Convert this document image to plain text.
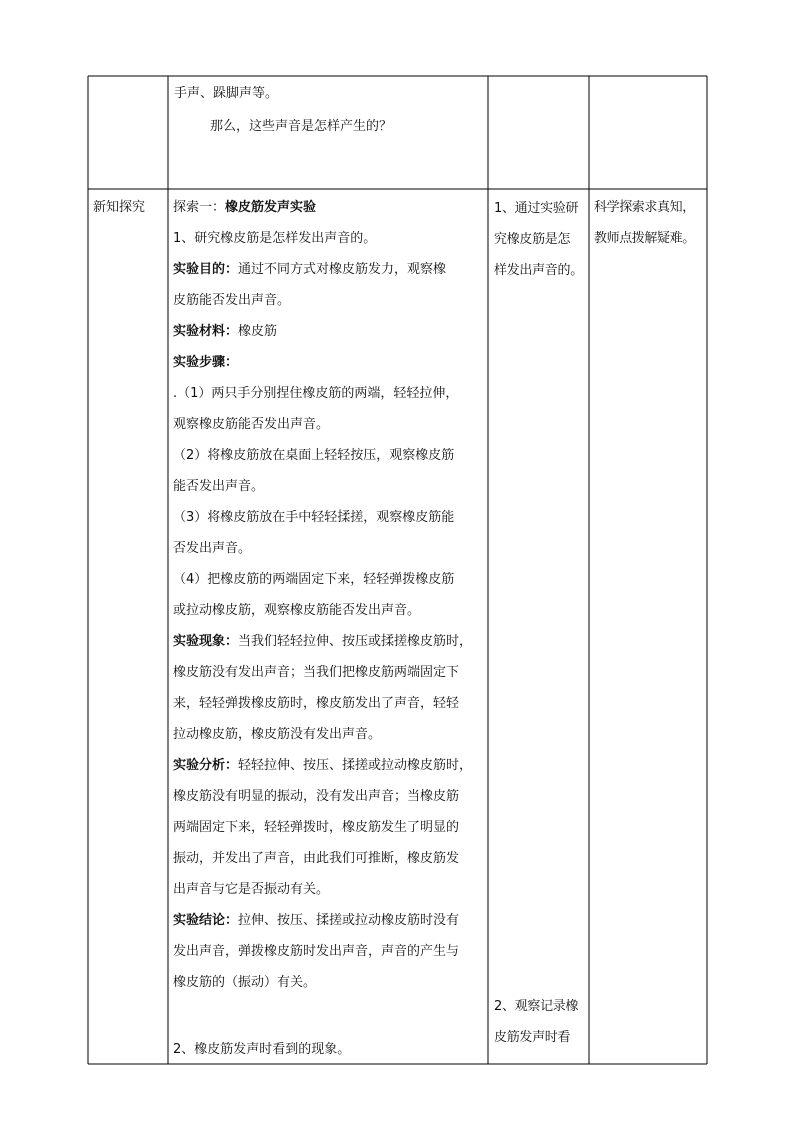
手声、跺脚声等。
那么，这些声音是怎样产生的？
新知探究	探索一：橡皮筋发声实验
1、研究橡皮筋是怎样发出声音的。
实验目的：通过不同方式对橡皮筋发力，观察橡
皮筋能否发出声音。
实验材料：橡皮筋
实验步骤：
.（1）两只手分别捏住橡皮筋的两端，轻轻拉伸，
观察橡皮筋能否发出声音。
（2）将橡皮筋放在桌面上轻轻按压，观察橡皮筋
能否发出声音。
（3）将橡皮筋放在手中轻轻揉搓，观察橡皮筋能
否发出声音。
（4）把橡皮筋的两端固定下来，轻轻弹拨橡皮筋
或拉动橡皮筋，观察橡皮筋能否发出声音。
实验现象：当我们轻轻拉伸、按压或揉搓橡皮筋时，
橡皮筋没有发出声音；当我们把橡皮筋两端固定下
来，轻轻弹拨橡皮筋时，橡皮筋发出了声音，轻轻
拉动橡皮筋，橡皮筋没有发出声音。
实验分析：轻轻拉伸、按压、揉搓或拉动橡皮筋时，
橡皮筋没有明显的振动，没有发出声音；当橡皮筋
两端固定下来，轻轻弹拨时，橡皮筋发生了明显的
振动，并发出了声音，由此我们可推断，橡皮筋发
出声音与它是否振动有关。
实验结论：拉伸、按压、揉搓或拉动橡皮筋时没有
发出声音，弹拨橡皮筋时发出声音，声音的产生与
橡皮筋的（振动）有关。
2、橡皮筋发声时看到的现象。
1、通过实验研
究橡皮筋是怎
样发出声音的。
2、观察记录橡
皮筋发声时看
科学探索求真知，
教师点拨解疑难。
